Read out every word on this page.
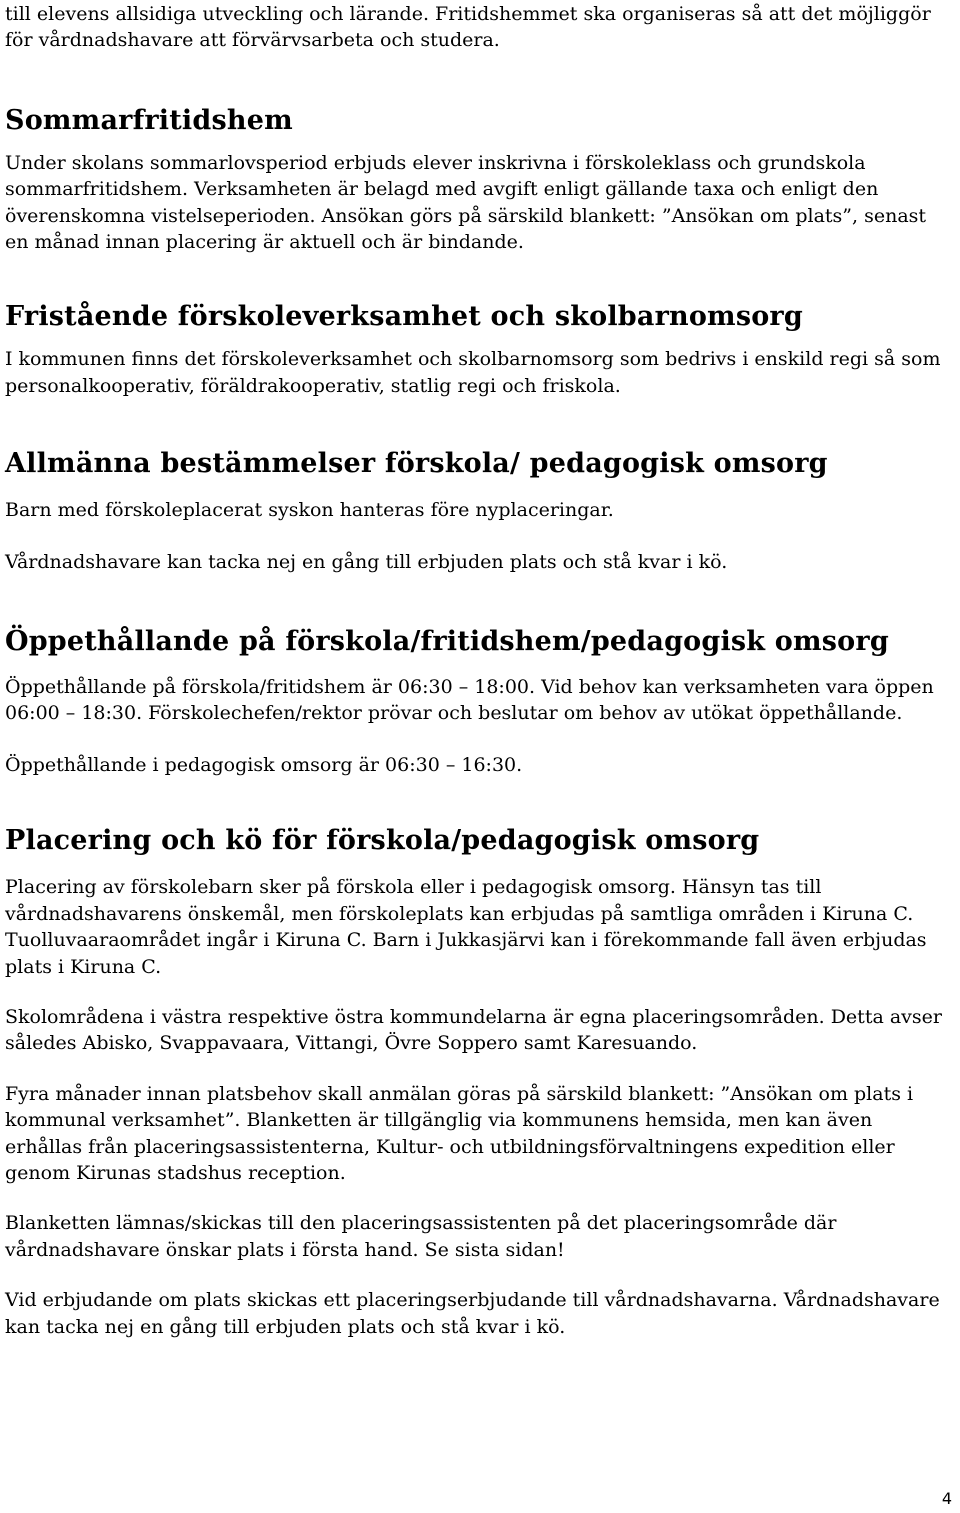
till elevens allsidiga utveckling och lärande. Fritidshemmet ska organiseras så att det möjliggör för vårdnadshavare att förvärvsarbeta och studera.

Sommarfritidshem

Under skolans sommarlovsperiod erbjuds elever inskrivna i förskoleklass och grundskola sommarfritidshem. Verksamheten är belagd med avgift enligt gällande taxa och enligt den överenskomna vistelseperioden. Ansökan görs på särskild blankett: ”Ansökan om plats”, senast en månad innan placering är aktuell och är bindande.

Fristående förskoleverksamhet och skolbarnomsorg

I kommunen finns det förskoleverksamhet och skolbarnomsorg som bedrivs i enskild regi så som personalkooperativ, föräldrakooperativ, statlig regi och friskola.

Allmänna bestämmelser förskola/ pedagogisk omsorg

Barn med förskoleplacerat syskon hanteras före nyplaceringar.

Vårdnadshavare kan tacka nej en gång till erbjuden plats och stå kvar i kö.

Öppethållande på förskola/fritidshem/pedagogisk omsorg

Öppethållande på förskola/fritidshem är 06:30 – 18:00. Vid behov kan verksamheten vara öppen 06:00 – 18:30. Förskolechefen/rektor prövar och beslutar om behov av utökat öppethållande.

Öppethållande i pedagogisk omsorg är 06:30 – 16:30.

Placering och kö för förskola/pedagogisk omsorg

Placering av förskolebarn sker på förskola eller i pedagogisk omsorg. Hänsyn tas till vårdnadshavarens önskemål, men förskoleplats kan erbjudas på samtliga områden i Kiruna C. Tuolluvaaraområdet ingår i Kiruna C. Barn i Jukkasjärvi kan i förekommande fall även erbjudas plats i Kiruna C.

Skolområdena i västra respektive östra kommundelarna är egna placeringsområden. Detta avser således Abisko, Svappavaara, Vittangi, Övre Soppero samt Karesuando.

Fyra månader innan platsbehov skall anmälan göras på särskild blankett: ”Ansökan om plats i kommunal verksamhet”. Blanketten är tillgänglig via kommunens hemsida, men kan även erhållas från placeringsassistenterna, Kultur- och utbildningsförvaltningens expedition eller genom Kirunas stadshus reception.

Blanketten lämnas/skickas till den placeringsassistenten på det placeringsområde där vårdnadshavare önskar plats i första hand. Se sista sidan!

Vid erbjudande om plats skickas ett placeringserbjudande till vårdnadshavarna. Vårdnadshavare kan tacka nej en gång till erbjuden plats och stå kvar i kö.

4
